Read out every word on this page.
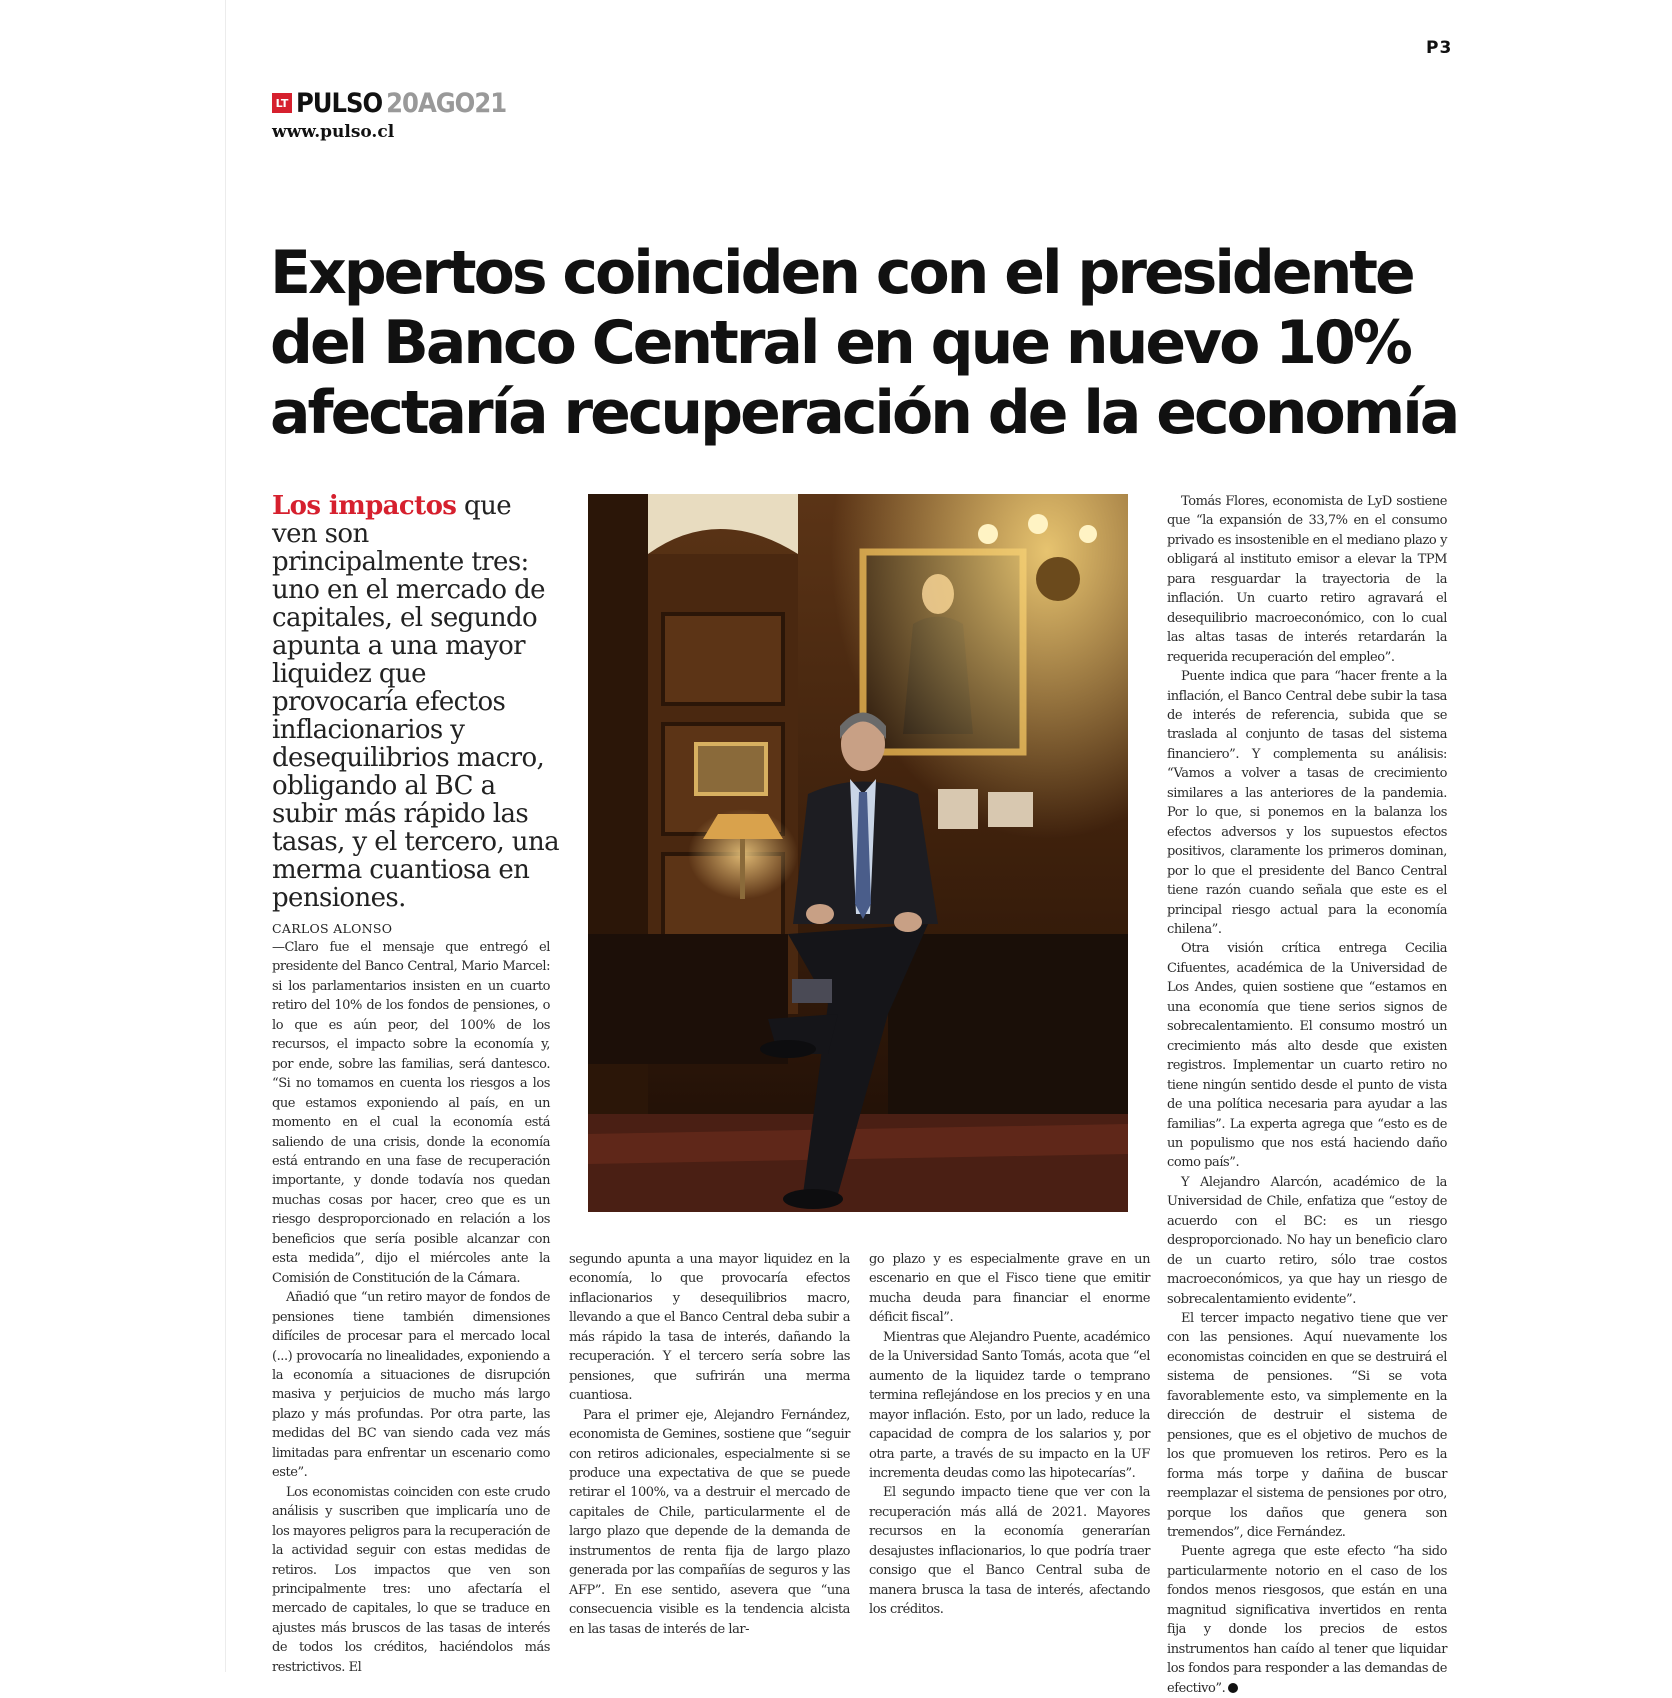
P3
LT PULSO 20AGO21
www.pulso.cl
Expertos coinciden con el presidente del Banco Central en que nuevo 10% afectaría recuperación de la economía

Los impactos que ven son principalmente tres: uno en el mercado de capitales, el segundo apunta a una mayor liquidez que provocaría efectos inflacionarios y desequilibrios macro, obligando al BC a subir más rápido las tasas, y el tercero, una merma cuantiosa en pensiones.

CARLOS ALONSO

—Claro fue el mensaje que entregó el presidente del Banco Central, Mario Marcel: si los parlamentarios insisten en un cuarto retiro del 10% de los fondos de pensiones, o lo que es aún peor, del 100% de los recursos, el impacto sobre la economía y, por ende, sobre las familias, será dantesco. “Si no tomamos en cuenta los riesgos a los que estamos exponiendo al país, en un momento en el cual la economía está saliendo de una crisis, donde la economía está entrando en una fase de recuperación importante, y donde todavía nos quedan muchas cosas por hacer, creo que es un riesgo desproporcionado en relación a los beneficios que sería posible alcanzar con esta medida”, dijo el miércoles ante la Comisión de Constitución de la Cámara.

Añadió que “un retiro mayor de fondos de pensiones tiene también dimensiones difíciles de procesar para el mercado local (...) provocaría no linealidades, exponiendo a la economía a situaciones de disrupción masiva y perjuicios de mucho más largo plazo y más profundas. Por otra parte, las medidas del BC van siendo cada vez más limitadas para enfrentar un escenario como este”.

Los economistas coinciden con este crudo análisis y suscriben que implicaría uno de los mayores peligros para la recuperación de la actividad seguir con estas medidas de retiros. Los impactos que ven son principalmente tres: uno afectaría el mercado de capitales, lo que se traduce en ajustes más bruscos de las tasas de interés de todos los créditos, haciéndolos más restrictivos. El

segundo apunta a una mayor liquidez en la economía, lo que provocaría efectos inflacionarios y desequilibrios macro, llevando a que el Banco Central deba subir a más rápido la tasa de interés, dañando la recuperación. Y el tercero sería sobre las pensiones, que sufrirán una merma cuantiosa.

Para el primer eje, Alejandro Fernández, economista de Gemines, sostiene que “seguir con retiros adicionales, especialmente si se produce una expectativa de que se puede retirar el 100%, va a destruir el mercado de capitales de Chile, particularmente el de largo plazo que depende de la demanda de instrumentos de renta fija de largo plazo generada por las compañías de seguros y las AFP”. En ese sentido, asevera que “una consecuencia visible es la tendencia alcista en las tasas de interés de lar-

go plazo y es especialmente grave en un escenario en que el Fisco tiene que emitir mucha deuda para financiar el enorme déficit fiscal”.

Mientras que Alejandro Puente, académico de la Universidad Santo Tomás, acota que “el aumento de la liquidez tarde o temprano termina reflejándose en los precios y en una mayor inflación. Esto, por un lado, reduce la capacidad de compra de los salarios y, por otra parte, a través de su impacto en la UF incrementa deudas como las hipotecarías”.

El segundo impacto tiene que ver con la recuperación más allá de 2021. Mayores recursos en la economía generarían desajustes inflacionarios, lo que podría traer consigo que el Banco Central suba de manera brusca la tasa de interés, afectando los créditos.

Tomás Flores, economista de LyD sostiene que “la expansión de 33,7% en el consumo privado es insostenible en el mediano plazo y obligará al instituto emisor a elevar la TPM para resguardar la trayectoria de la inflación. Un cuarto retiro agravará el desequilibrio macroeconómico, con lo cual las altas tasas de interés retardarán la requerida recuperación del empleo”.

Puente indica que para “hacer frente a la inflación, el Banco Central debe subir la tasa de interés de referencia, subida que se traslada al conjunto de tasas del sistema financiero”. Y complementa su análisis: “Vamos a volver a tasas de crecimiento similares a las anteriores de la pandemia. Por lo que, si ponemos en la balanza los efectos adversos y los supuestos efectos positivos, claramente los primeros dominan, por lo que el presidente del Banco Central tiene razón cuando señala que este es el principal riesgo actual para la economía chilena”.

Otra visión crítica entrega Cecilia Cifuentes, académica de la Universidad de Los Andes, quien sostiene que “estamos en una economía que tiene serios signos de sobrecalentamiento. El consumo mostró un crecimiento más alto desde que existen registros. Implementar un cuarto retiro no tiene ningún sentido desde el punto de vista de una política necesaria para ayudar a las familias”. La experta agrega que “esto es de un populismo que nos está haciendo daño como país”.

Y Alejandro Alarcón, académico de la Universidad de Chile, enfatiza que “estoy de acuerdo con el BC: es un riesgo desproporcionado. No hay un beneficio claro de un cuarto retiro, sólo trae costos macroeconómicos, ya que hay un riesgo de sobrecalentamiento evidente”.

El tercer impacto negativo tiene que ver con las pensiones. Aquí nuevamente los economistas coinciden en que se destruirá el sistema de pensiones. “Si se vota favorablemente esto, va simplemente en la dirección de destruir el sistema de pensiones, que es el objetivo de muchos de los que promueven los retiros. Pero es la forma más torpe y dañina de buscar reemplazar el sistema de pensiones por otro, porque los daños que genera son tremendos”, dice Fernández.

Puente agrega que este efecto “ha sido particularmente notorio en el caso de los fondos menos riesgosos, que están en una magnitud significativa invertidos en renta fija y donde los precios de estos instrumentos han caído al tener que liquidar los fondos para responder a las demandas de efectivo”.
